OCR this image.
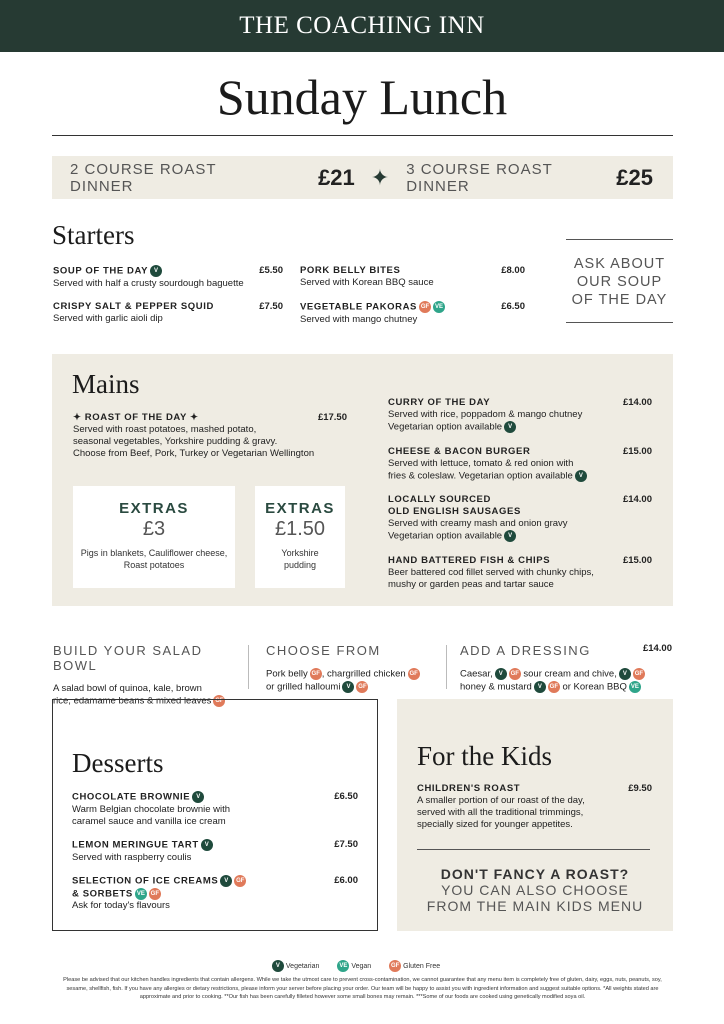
THE COACHING INN
Sunday Lunch
2 COURSE ROAST DINNER	£21 ✦ 3 COURSE ROAST DINNER	£25
Starters
SOUP OF THE DAY V	£5.50
Served with half a crusty sourdough baguette
PORK BELLY BITES	£8.00
Served with Korean BBQ sauce
CRISPY SALT & PEPPER SQUID	£7.50
Served with garlic aioli dip
VEGETABLE PAKORAS GF VE	£6.50
Served with mango chutney
ASK ABOUT
OUR SOUP
OF THE DAY
Mains
✦ ROAST OF THE DAY ✦	£17.50
Served with roast potatoes, mashed potato,
seasonal vegetables, Yorkshire pudding & gravy.
Choose from Beef, Pork, Turkey or Vegetarian Wellington
EXTRAS
£3
Pigs in blankets, Cauliflower cheese,
Roast potatoes
EXTRAS
£1.50
Yorkshire
pudding
CURRY OF THE DAY	£14.00
Served with rice, poppadom & mango chutney
Vegetarian option available V
CHEESE & BACON BURGER	£15.00
Served with lettuce, tomato & red onion with
fries & coleslaw. Vegetarian option available V
LOCALLY SOURCED
OLD ENGLISH SAUSAGES
£14.00
Served with creamy mash and onion gravy
Vegetarian option available V
HAND BATTERED FISH & CHIPS	£15.00
Beer battered cod fillet served with chunky chips,
mushy or garden peas and tartar sauce
BUILD YOUR SALAD BOWL
A salad bowl of quinoa, kale, brown
rice, edamame beans & mixed leaves GF
CHOOSE FROM
Pork belly GF , chargrilled chicken GF
or grilled halloumi V GF
ADD A DRESSING	£14.00
Caesar, V GF sour cream and chive, V GF
honey & mustard V GF or Korean BBQ VE
Desserts
CHOCOLATE BROWNIE V	£6.50
Warm Belgian chocolate brownie with
caramel sauce and vanilla ice cream
LEMON MERINGUE TART V	£7.50
Served with raspberry coulis
SELECTION OF ICE CREAMS V GF
& SORBETS VE GF
£6.00
Ask for today's flavours
For the Kids
CHILDREN'S ROAST	£9.50
A smaller portion of our roast of the day,
served with all the traditional trimmings,
specially sized for younger appetites.
DON'T FANCY A ROAST?
YOU CAN ALSO CHOOSE
FROM THE MAIN KIDS MENU
V Vegetarian	VE Vegan	GF Gluten Free
Please be advised that our kitchen handles ingredients that contain allergens. While we take the utmost care to prevent cross-contamination, we cannot guarantee that any menu item is completely free of gluten, dairy, eggs, nuts, peanuts, soy, sesame, shellfish, fish. If you have any allergies or dietary restrictions, please inform your server before placing your order. Our team will be happy to assist you with ingredient information and suggest suitable options. *All weights stated are approximate and prior to cooking. **Our fish has been carefully filleted however some small bones may remain. ***Some of our foods are cooked using genetically modified soya oil.
